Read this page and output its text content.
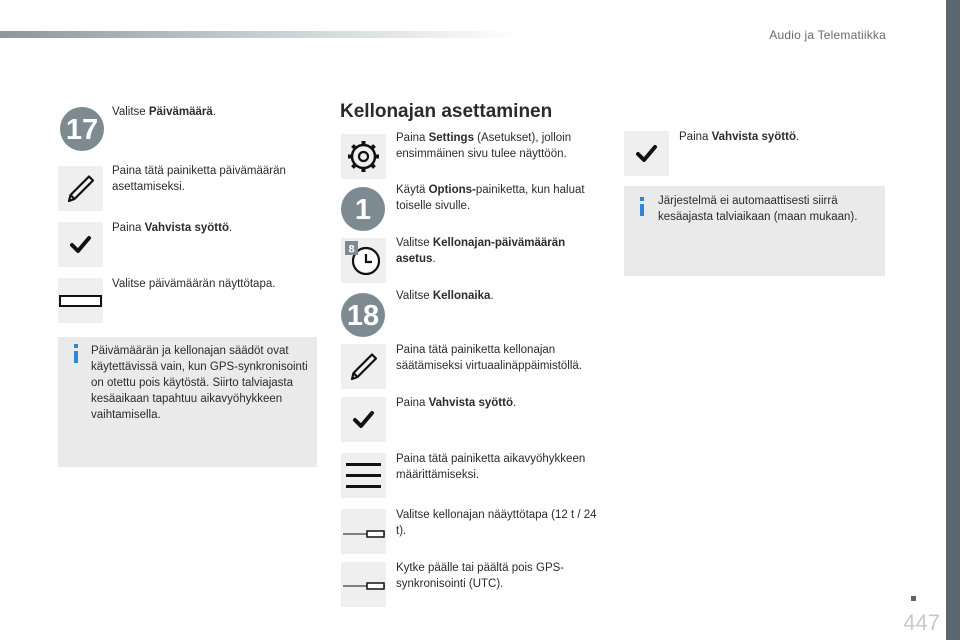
Audio ja Telematiikka
17
Valitse Päivämäärä.
Paina tätä painiketta päivämäärän asettamiseksi.
Paina Vahvista syöttö.
Valitse päivämäärän näyttötapa.
Päivämäärän ja kellonajan säädöt ovat käytettävissä vain, kun GPS-synkronisointi on otettu pois käytöstä. Siirto talviajasta kesäaikaan tapahtuu aikavyöhykkeen vaihtamisella.
Kellonajan asettaminen
Paina Settings (Asetukset), jolloin ensimmäinen sivu tulee näyttöön.
1
Käytä Options-painiketta, kun haluat toiselle sivulle.
8
Valitse Kellonajan-päivämäärän asetus.
18
Valitse Kellonaika.
Paina tätä painiketta kellonajan säätämiseksi virtuaalinäppäimistöllä.
Paina Vahvista syöttö.
Paina tätä painiketta aikavyöhykkeen määrittämiseksi.
Valitse kellonajan nääyttötapa (12 t / 24 t).
Kytke päälle tai päältä pois GPS-synkronisointi (UTC).
Paina Vahvista syöttö.
Järjestelmä ei automaattisesti siirrä kesäajasta talviaikaan (maan mukaan).
447
